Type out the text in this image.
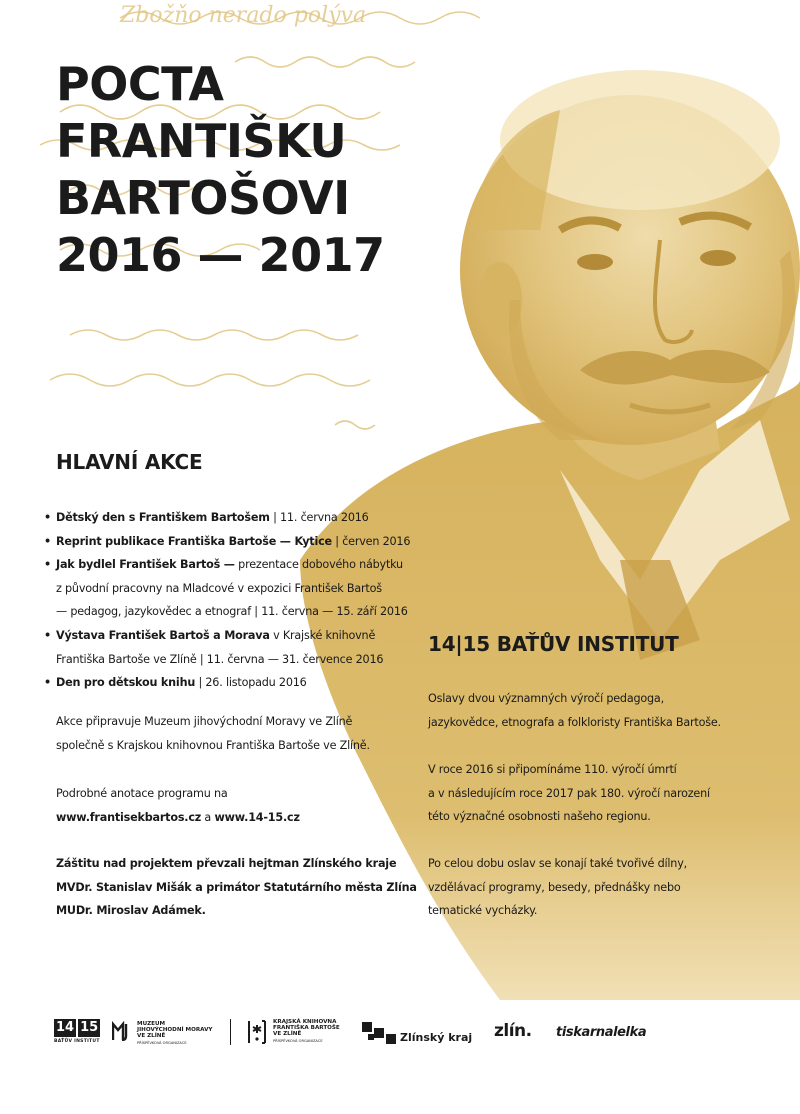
Zbožňo nerado polýva
POCTA
FRANTIŠKU
BARTOŠOVI
2016 — 2017
HLAVNÍ AKCE
• Dětský den s Františkem Bartošem | 11. června 2016
• Reprint publikace Františka Bartoše — Kytice | červen 2016
• Jak bydlel František Bartoš — prezentace dobového nábytku
z původní pracovny na Mladcové v expozici František Bartoš
— pedagog, jazykovědec a etnograf | 11. června — 15. září 2016
• Výstava František Bartoš a Morava v Krajské knihovně
Františka Bartoše ve Zlíně | 11. června — 31. července 2016
• Den pro dětskou knihu | 26. listopadu 2016
Akce připravuje Muzeum jihovýchodní Moravy ve Zlíně
společně s Krajskou knihovnou Františka Bartoše ve Zlíně.
Podrobné anotace programu na
www.frantisekbartos.cz a www.14-15.cz
Záštitu nad projektem převzali hejtman Zlínského kraje
MVDr. Stanislav Mišák a primátor Statutárního města Zlína
MUDr. Miroslav Adámek.
14|15 BAŤŮV INSTITUT
Oslavy dvou významných výročí pedagoga,
jazykovědce, etnografa a folkloristy Františka Bartoše.
V roce 2016 si připomínáme 110. výročí úmrtí
a v následujícím roce 2017 pak 180. výročí narození
této význačné osobnosti našeho regionu.
Po celou dobu oslav se konají také tvořivé dílny,
vzdělávací programy, besedy, přednášky nebo
tematické vycházky.
14 15
BAŤŮV INSTITUT
MUZEUM
JIHOVÝCHODNÍ MORAVY
VE ZLÍNĚ
PŘÍSPĚVKOVÁ ORGANIZACE
KRAJSKÁ KNIHOVNA
FRANTIŠKA BARTOŠE
VE ZLÍNĚ
PŘÍSPĚVKOVÁ ORGANIZACE	Zlínský kraj zlín. tiskarnalelka
